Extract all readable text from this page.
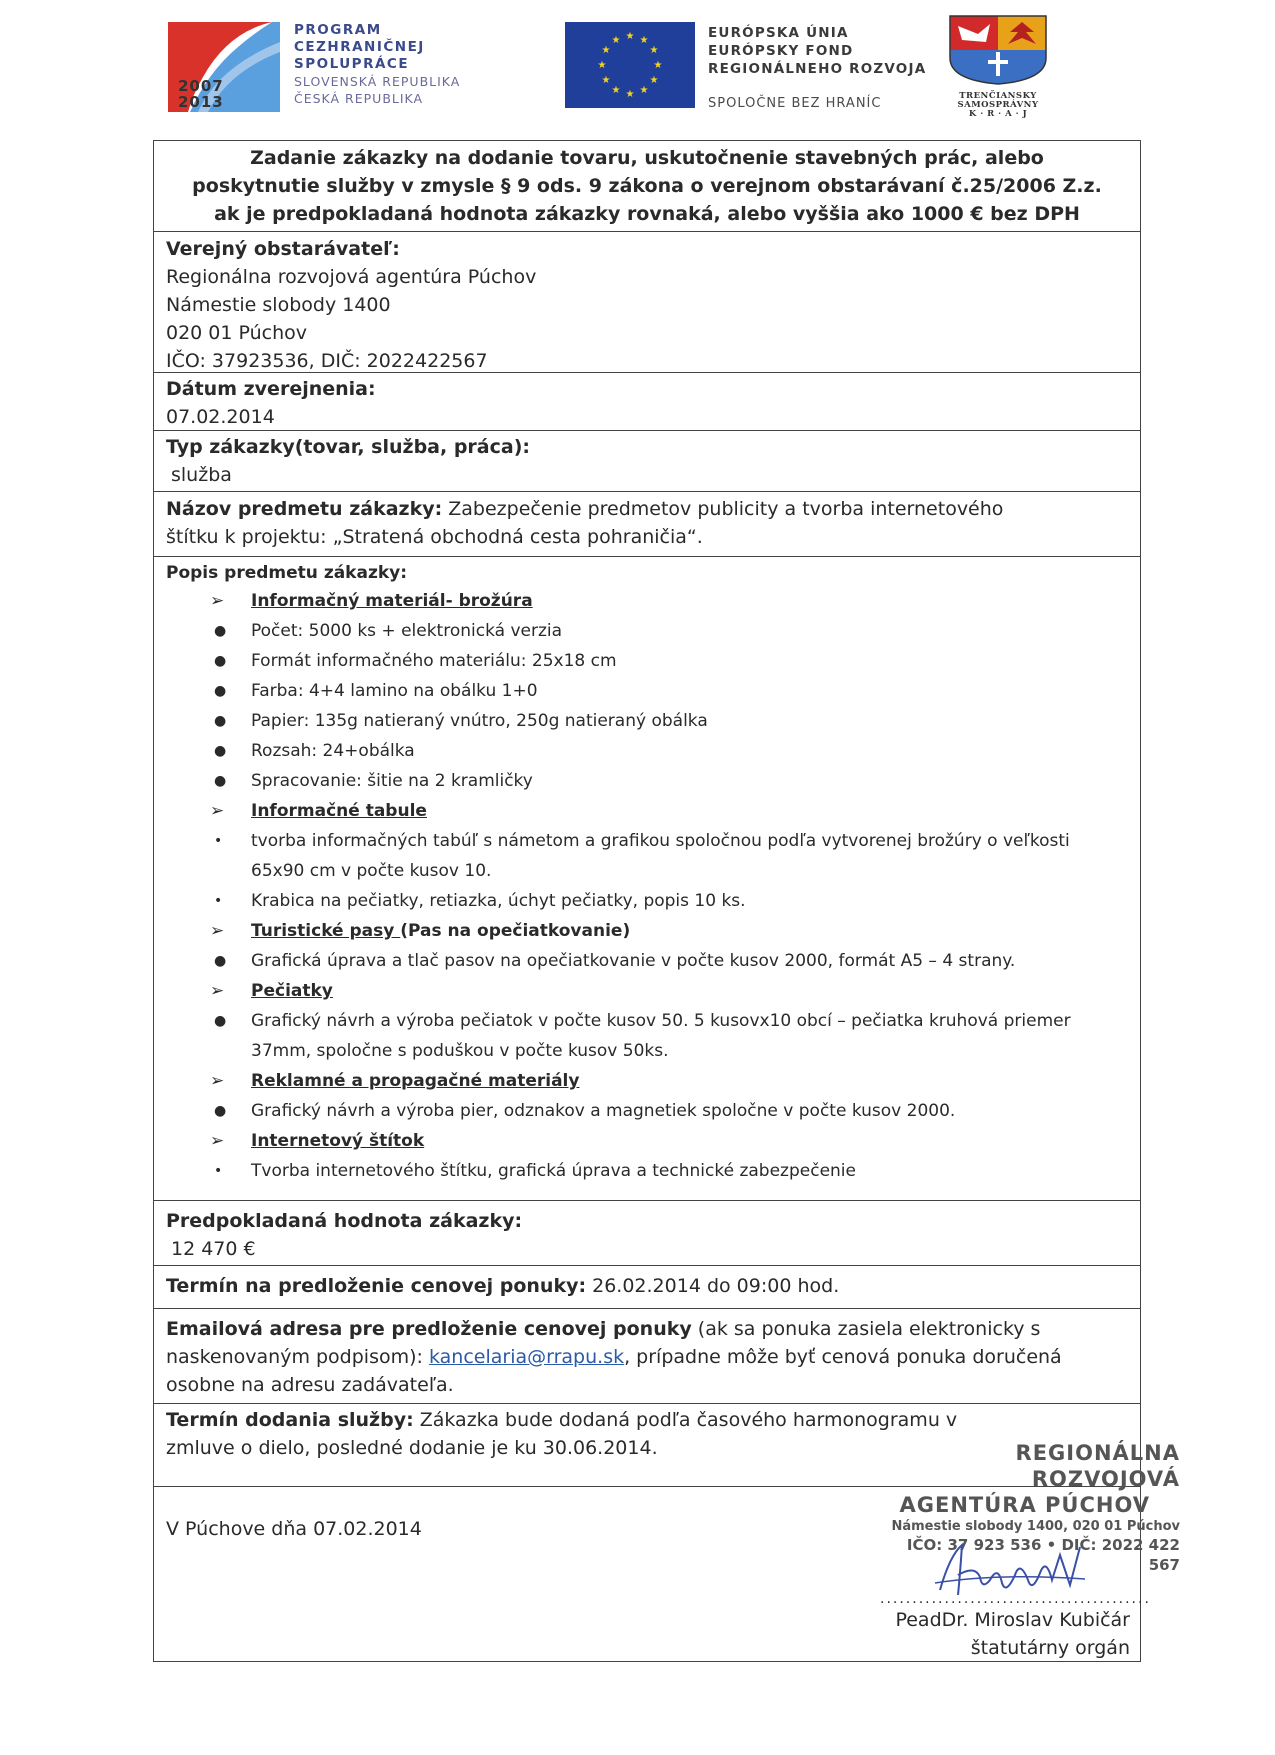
2007
2013
PROGRAM
CEZHRANIČNEJ
SPOLUPRÁCE
SLOVENSKÁ REPUBLIKA
ČESKÁ REPUBLIKA
★ ★
★
★
★
★
★
★
★
★
★
★	EURÓPSKA ÚNIA
EURÓPSKY FOND
REGIONÁLNEHO ROZVOJA
SPOLOČNE BEZ HRANÍC	TRENČIANSKY
SAMOSPRÁVNY
K · R · A · J
Zadanie zákazky na dodanie tovaru, uskutočnenie stavebných prác, alebo poskytnutie služby v zmysle § 9 ods. 9 zákona o verejnom obstarávaní č.25/2006 Z.z. ak je predpokladaná hodnota zákazky rovnaká, alebo vyššia ako 1000 € bez DPH
Verejný obstarávateľ:
Regionálna rozvojová agentúra Púchov
Námestie slobody 1400
020 01 Púchov
IČO: 37923536, DIČ: 2022422567
Dátum zverejnenia:
07.02.2014
Typ zákazky(tovar, služba, práca):
služba
Názov predmetu zákazky: Zabezpečenie predmetov publicity a tvorba internetového štítku k projektu: „Stratená obchodná cesta pohraničia“.
Popis predmetu zákazky:
➢ Informačný materiál- brožúra
● Počet: 5000 ks + elektronická verzia
● Formát informačného materiálu: 25x18 cm
● Farba: 4+4 lamino na obálku 1+0
● Papier: 135g natieraný vnútro, 250g natieraný obálka
● Rozsah: 24+obálka
● Spracovanie: šitie na 2 kramličky
➢ Informačné tabule
• tvorba informačných tabúľ s námetom a grafikou spoločnou podľa vytvorenej brožúry o veľkosti 65x90 cm v počte kusov 10.
• Krabica na pečiatky, retiazka, úchyt pečiatky, popis 10 ks.
➢ Turistické pasy (Pas na opečiatkovanie)
● Grafická úprava a tlač pasov na opečiatkovanie v počte kusov 2000, formát A5 – 4 strany.
➢ Pečiatky
● Grafický návrh a výroba pečiatok v počte kusov 50. 5 kusovx10 obcí – pečiatka kruhová priemer 37mm, spoločne s poduškou v počte kusov 50ks.
➢ Reklamné a propagačné materiály
● Grafický návrh a výroba pier, odznakov a magnetiek spoločne v počte kusov 2000.
➢ Internetový štítok
• Tvorba internetového štítku, grafická úprava a technické zabezpečenie
Predpokladaná hodnota zákazky:
12 470 €
Termín na predloženie cenovej ponuky: 26.02.2014 do 09:00 hod.
Emailová adresa pre predloženie cenovej ponuky (ak sa ponuka zasiela elektronicky s naskenovaným podpisom): kancelaria@rrapu.sk, prípadne môže byť cenová ponuka doručená osobne na adresu zadávateľa.
Termín dodania služby: Zákazka bude dodaná podľa časového harmonogramu v zmluve o dielo, posledné dodanie je ku 30.06.2014.
V Púchove dňa 07.02.2014
REGIONÁLNA ROZVOJOVÁ
AGENTÚRA PÚCHOV
Námestie slobody 1400, 020 01 Púchov
IČO: 37 923 536 • DIČ: 2022 422 567
..........................................
PeadDr. Miroslav Kubičár
štatutárny orgán
